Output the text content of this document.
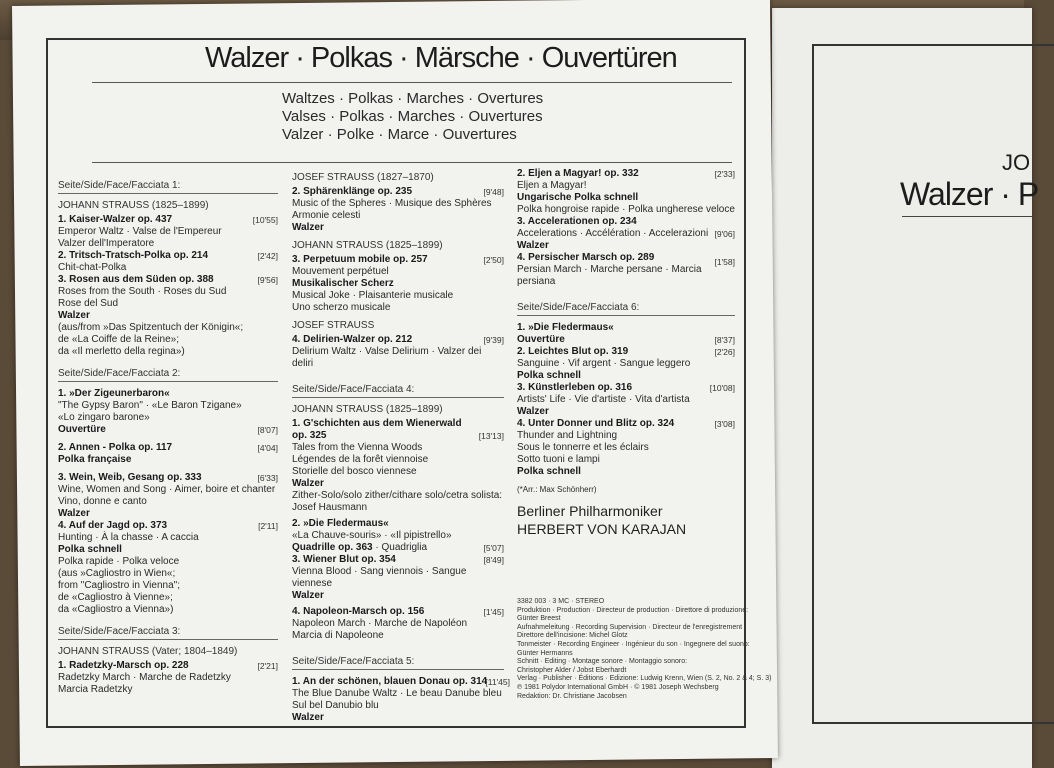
JO
Walzer · P
Walzer · Polkas · Märsche · Ouvertüren
Waltzes · Polkas · Marches · Overtures
Valses · Polkas · Marches · Ouvertures
Valzer · Polke · Marce · Ouvertures
Seite/Side/Face/Facciata 1:
JOHANN STRAUSS (1825–1899)
1. Kaiser-Walzer op. 437	[10'55]
Emperor Waltz · Valse de l'Empereur
Valzer dell'Imperatore
2. Tritsch-Tratsch-Polka op. 214	[2'42]
Chit-chat-Polka
3. Rosen aus dem Süden op. 388	[9'56]
Roses from the South · Roses du Sud
Rose del Sud
Walzer
(aus/from »Das Spitzentuch der Königin«;
de «La Coiffe de la Reine»;
da «Il merletto della regina»)
Seite/Side/Face/Facciata 2:
1. »Der Zigeunerbaron«
"The Gypsy Baron" · «Le Baron Tzigane»
«Lo zingaro barone»
Ouvertüre	[8'07]
2. Annen - Polka op. 117	[4'04]
Polka française
3. Wein, Weib, Gesang op. 333	[6'33]
Wine, Women and Song · Aimer, boire et chanter
Vino, donne e canto
Walzer
4. Auf der Jagd op. 373	[2'11]
Hunting · À la chasse · A caccia
Polka schnell
Polka rapide · Polka veloce
(aus »Cagliostro in Wien«;
from "Cagliostro in Vienna";
de «Cagliostro à Vienne»;
da «Cagliostro a Vienna»)
Seite/Side/Face/Facciata 3:
JOHANN STRAUSS (Vater; 1804–1849)
1. Radetzky-Marsch op. 228	[2'21]
Radetzky March · Marche de Radetzky
Marcia Radetzky
JOSEF STRAUSS (1827–1870)
2. Sphärenklänge op. 235	[9'48]
Music of the Spheres · Musique des Sphères
Armonie celesti
Walzer
JOHANN STRAUSS (1825–1899)
3. Perpetuum mobile op. 257	[2'50]
Mouvement perpétuel
Musikalischer Scherz
Musical Joke · Plaisanterie musicale
Uno scherzo musicale
JOSEF STRAUSS
4. Delirien-Walzer op. 212	[9'39]
Delirium Waltz · Valse Delirium · Valzer dei deliri
Seite/Side/Face/Facciata 4:
JOHANN STRAUSS (1825–1899)
1. G'schichten aus dem Wienerwald
op. 325	[13'13]
Tales from the Vienna Woods
Légendes de la forêt viennoise
Storielle del bosco viennese
Walzer
Zither-Solo/solo zither/cithare solo/cetra solista:
Josef Hausmann
2. »Die Fledermaus«
«La Chauve-souris» · «Il pipistrello»
Quadrille op. 363 · Quadriglia	[5'07]
3. Wiener Blut op. 354	[8'49]
Vienna Blood · Sang viennois · Sangue viennese
Walzer
4. Napoleon-Marsch op. 156	[1'45]
Napoleon March · Marche de Napoléon
Marcia di Napoleone
Seite/Side/Face/Facciata 5:
1. An der schönen, blauen Donau op. 314
[11'45]
The Blue Danube Waltz · Le beau Danube bleu
Sul bel Danubio blu
Walzer
2. Eljen a Magyar! op. 332	[2'33]
Eljen a Magyar!
Ungarische Polka schnell
Polka hongroise rapide · Polka ungherese veloce
3. Accelerationen op. 234
[9'06]
Accelerations · Accélération · Accelerazioni
Walzer
4. Persischer Marsch op. 289	[1'58]
Persian March · Marche persane · Marcia persiana
Seite/Side/Face/Facciata 6:
1. »Die Fledermaus«
Ouvertüre	[8'37]
2. Leichtes Blut op. 319	[2'26]
Sanguine · Vif argent · Sangue leggero
Polka schnell
3. Künstlerleben op. 316	[10'08]
Artists' Life · Vie d'artiste · Vita d'artista
Walzer
4. Unter Donner und Blitz op. 324	[3'08]
Thunder and Lightning
Sous le tonnerre et les éclairs
Sotto tuoni e lampi
Polka schnell
(*Arr.: Max Schönherr)
Berliner Philharmoniker
HERBERT VON KARAJAN
3382 003 · 3 MC · STEREO
Produktion · Production · Directeur de production · Direttore di produzione:
Günter Breest
Aufnahmeleitung · Recording Supervision · Directeur de l'enregistrement
Direttore dell'incisione: Michel Glotz
Tonmeister · Recording Engineer · Ingénieur du son · Ingegnere del suono:
Günter Hermanns
Schnitt · Editing · Montage sonore · Montaggio sonoro:
Christopher Alder / Jobst Eberhardt
Verlag · Publisher · Éditions · Edizione: Ludwig Krenn, Wien (S. 2, No. 2 & 4; S. 3)
℗ 1981 Polydor International GmbH · © 1981 Joseph Wechsberg
Redaktion: Dr. Christiane Jacobsen
